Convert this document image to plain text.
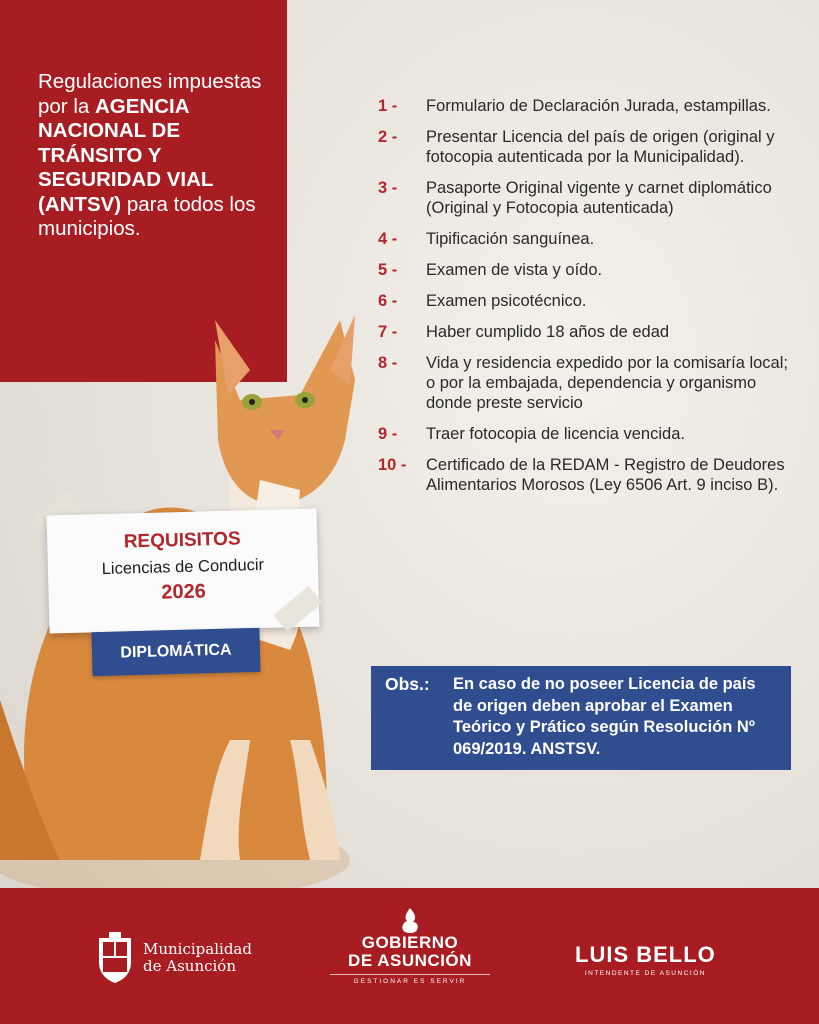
Regulaciones impuestas por la AGENCIA NACIONAL DE TRÁNSITO Y SEGURIDAD VIAL (ANTSV) para todos los municipios.
REQUISITOS
Licencias de Conducir
2026
DIPLOMÁTICA
1 -	Formulario de Declaración Jurada, estampillas.
2 -	Presentar Licencia del país de origen (original y fotocopia autenticada por la Municipalidad).
3 -	Pasaporte Original vigente y carnet diplomático (Original y Fotocopia autenticada)
4 -	Tipificación sanguínea.
5 -	Examen de vista y oído.
6 -	Examen psicotécnico.
7 -	Haber cumplido 18 años de edad
8 -	Vida y residencia expedido por la comisaría local; o por la embajada, dependencia y organismo donde preste servicio
9 -	Traer fotocopia de licencia vencida.
10 -	Certificado de la REDAM - Registro de Deudores Alimentarios Morosos (Ley 6506 Art. 9 inciso B).
Obs.:	En caso de no poseer Licencia de país de origen deben aprobar el Examen Teórico y Prático según Resolución Nº 069/2019. ANSTSV.
Municipalidad
de Asunción
GOBIERNO
DE ASUNCIÓN
GESTIONAR ES SERVIR
LUIS BELLO
INTENDENTE DE ASUNCIÓN
